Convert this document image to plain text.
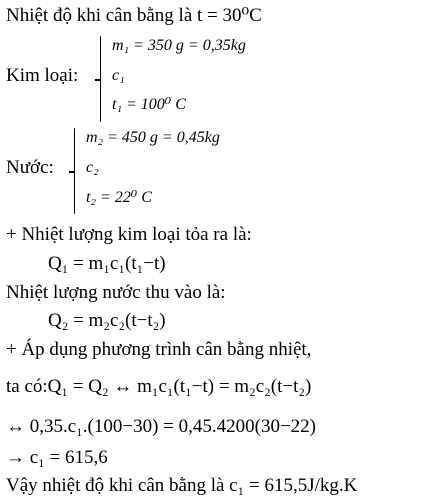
Nhiệt độ khi cân bằng là t = 30⁰C
Kim loại:
m₁ = 350 g = 0,35kg
c₁
t₁ = 100⁰ C
Nước:
m₂ = 450 g = 0,45kg
c₂
t₂ = 22⁰ C
+ Nhiệt lượng kim loại tỏa ra là:
Q₁ = m₁c₁(t₁−t)
Nhiệt lượng nước thu vào là:
Q₂ = m₂c₂(t−t₂)
+ Áp dụng phương trình cân bằng nhiệt,
ta có:Q₁ = Q₂ ↔ m₁c₁(t₁−t) = m₂c₂(t−t₂)
↔ 0,35.c₁.(100−30) = 0,45.4200(30−22)
→ c₁ = 615,6
Vậy nhiệt độ khi cân bằng là c₁ = 615,5J/kg.K
